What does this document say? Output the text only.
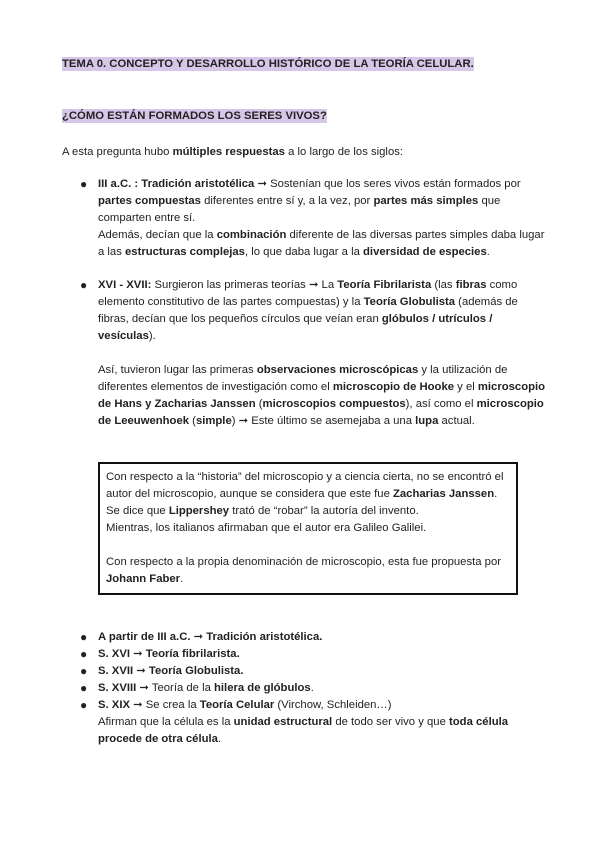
TEMA 0. CONCEPTO Y DESARROLLO HISTÓRICO DE LA TEORÍA CELULAR.
¿CÓMO ESTÁN FORMADOS LOS SERES VIVOS?
A esta pregunta hubo múltiples respuestas a lo largo de los siglos:
● III a.C. : Tradición aristotélica ➞ Sostenían que los seres vivos están formados por partes compuestas diferentes entre sí y, a la vez, por partes más simples que comparten entre sí.
Además, decían que la combinación diferente de las diversas partes simples daba lugar a las estructuras complejas, lo que daba lugar a la diversidad de especies.
● XVI - XVII: Surgieron las primeras teorías ➞ La Teoría Fibrilarista (las fibras como elemento constitutivo de las partes compuestas) y la Teoría Globulista (además de fibras, decían que los pequeños círculos que veían eran glóbulos / utrículos / vesículas).
Así, tuvieron lugar las primeras observaciones microscópicas y la utilización de diferentes elementos de investigación como el microscopio de Hooke y el microscopio de Hans y Zacharias Janssen (microscopios compuestos), así como el microscopio de Leeuwenhoek (simple) ➞ Este último se asemejaba a una lupa actual.

Con respecto a la “historia” del microscopio y a ciencia cierta, no se encontró el autor del microscopio, aunque se considera que este fue Zacharias Janssen.

Se dice que Lippershey trató de “robar” la autoría del invento.

Mientras, los italianos afirmaban que el autor era Galileo Galilei.

Con respecto a la propia denominación de microscopio, esta fue propuesta por Johann Faber.

● A partir de III a.C. ➞ Tradición aristotélica.
● S. XVI ➞ Teoría fibrilarista.
● S. XVII ➞ Teoría Globulista.
● S. XVIII ➞ Teoría de la hilera de glóbulos.
● S. XIX ➞ Se crea la Teoría Celular (Virchow, Schleiden…)
Afirman que la célula es la unidad estructural de todo ser vivo y que toda célula procede de otra célula.
